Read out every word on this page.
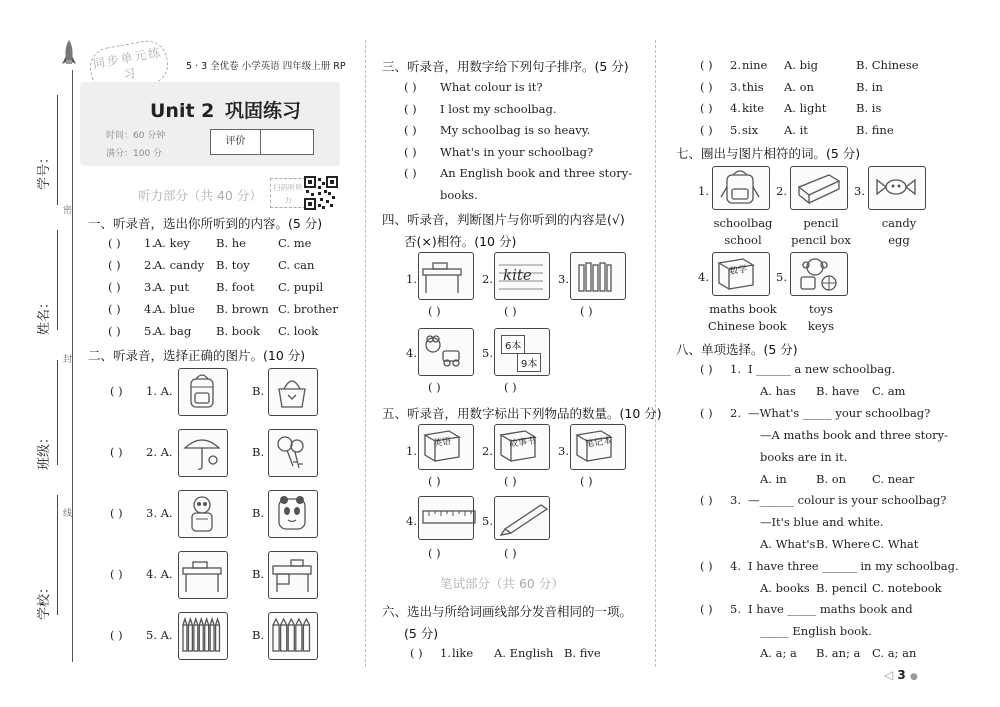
学号：
姓名：
班级：
学校：
密
封
线
同步单元练习	5 · 3 全优卷 小学英语 四年级上册 RP
Unit 2 巩固练习
时间：60 分钟
满分：100 分
评价
听力部分（共 40 分）
扫码听听力
一、听录音，选出你所听到的内容。(5 分)
( ) 1. A. key B. he	C. me
( ) 2. A. candy B. toy C. can
( ) 3. A. put B. foot C. pupil
( ) 4. A. blue B. brown C. brother
( ) 5. A. bag B. book C. look
二、听录音，选择正确的图片。(10 分)
( ) 1. A.	B.
( ) 2. A.	B.
( ) 3. A.	B.
( ) 4. A.	B.
( ) 5. A.	B.
三、听录音，用数字给下列句子排序。(5 分)
( ) What colour is it?
( ) I lost my schoolbag.
( ) My schoolbag is so heavy.
( ) What's in your schoolbag?
( ) An English book and three story-
books.
四、听录音，判断图片与你听到的内容是(√)
否(×)相符。(10 分)
1.
( )
2. kite
( )
3.
( )
4.
( )
5.	6本
9本
( )
五、听录音，用数字标出下列物品的数量。(10 分)
1.
英语
( )
2.
故事书
( )
3.
笔记本
( )
4.
( )
5.
( )
笔试部分（共 60 分）
六、选出与所给词画线部分发音相同的一项。
(5 分)
( ) 1. like A. English B. five
( ) 2. nine A. big	B. Chinese
( ) 3. this A. on	B. in
( ) 4. kite A. light	B. is
( ) 5. six A. it	B. fine
七、圈出与图片相符的词。(5 分)
1.
schoolbag
school
2.
pencil
pencil box
3.
candy
egg
4. 数学
maths book
Chinese book
5.
toys
keys
八、单项选择。(5 分)
( ) 1. I ______ a new schoolbag.
A. has B. have C. am
( ) 2. —What's _____ your schoolbag?
—A maths book and three story-
books are in it.
A. in	B. on C. near
( ) 3. —______ colour is your schoolbag?
—It's blue and white.
A. What's B. Where C. What
( ) 4. I have three ______ in my schoolbag.
A. books B. pencil C. notebook
( ) 5. I have _____ maths book and
_____ English book.
A. a; a B. an; a C. a; an
◁ 3 ●
